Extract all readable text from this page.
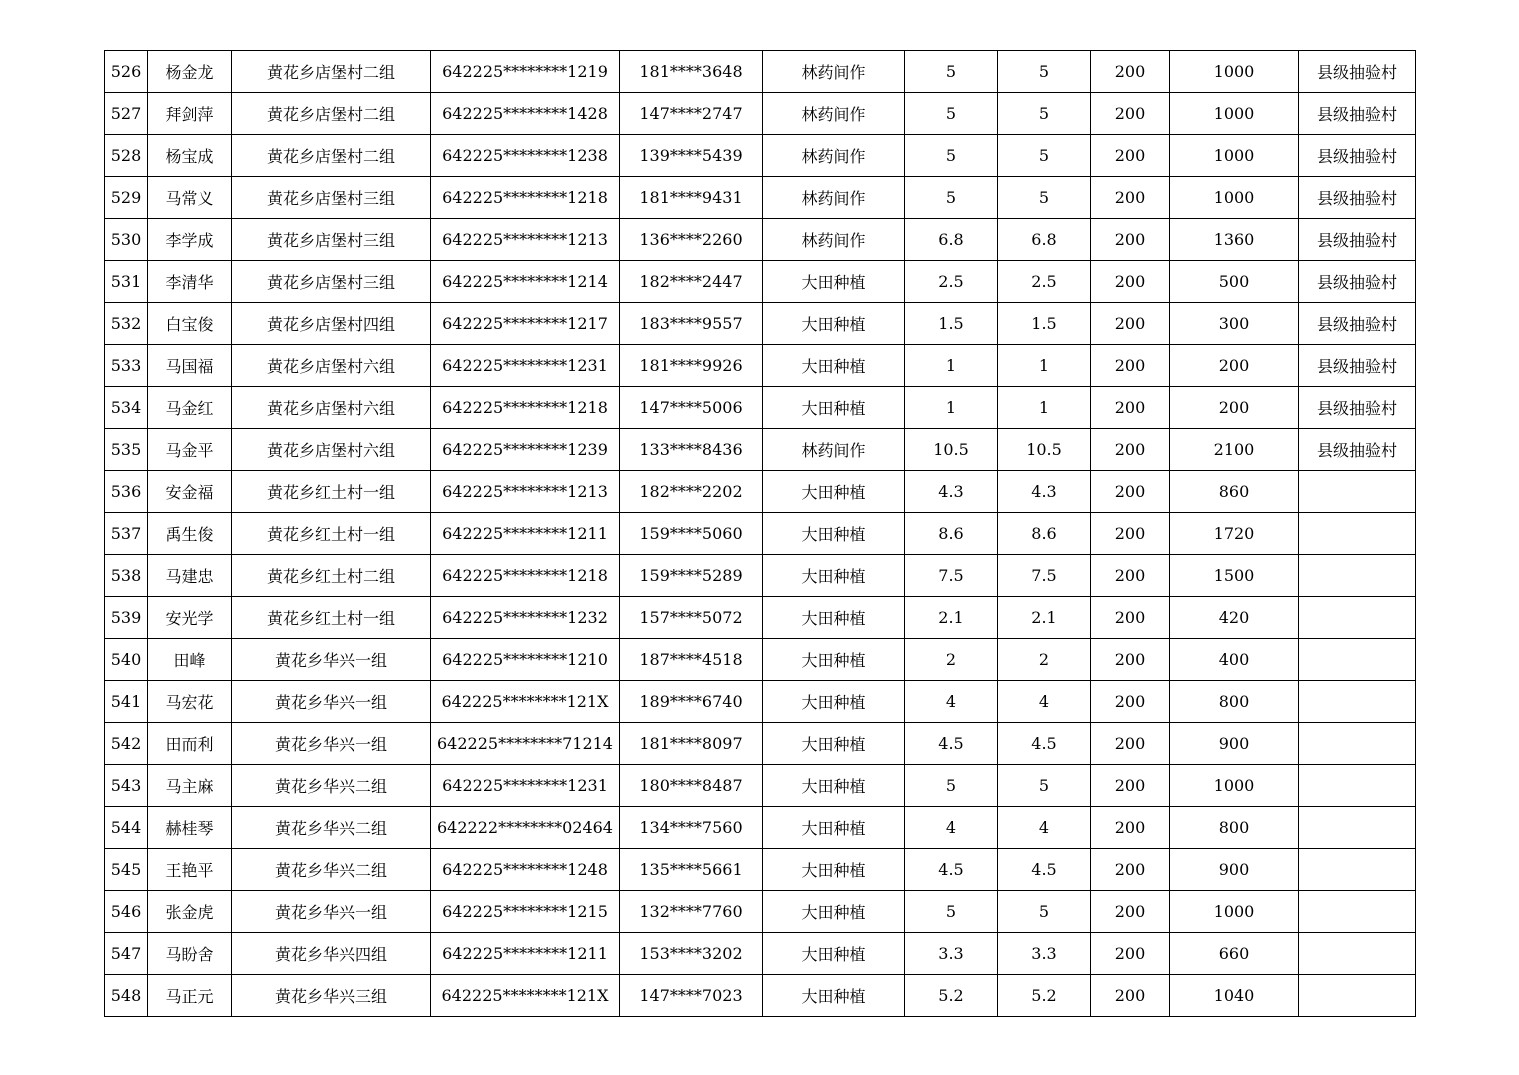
526	杨金龙	黄花乡店堡村二组	642225********1219	181****3648	林药间作	5	5	200	1000	县级抽验村
527	拜剑萍	黄花乡店堡村二组	642225********1428	147****2747	林药间作	5	5	200	1000	县级抽验村
528	杨宝成	黄花乡店堡村二组	642225********1238	139****5439	林药间作	5	5	200	1000	县级抽验村
529	马常义	黄花乡店堡村三组	642225********1218	181****9431	林药间作	5	5	200	1000	县级抽验村
530	李学成	黄花乡店堡村三组	642225********1213	136****2260	林药间作	6.8	6.8	200	1360	县级抽验村
531	李清华	黄花乡店堡村三组	642225********1214	182****2447	大田种植	2.5	2.5	200	500	县级抽验村
532	白宝俊	黄花乡店堡村四组	642225********1217	183****9557	大田种植	1.5	1.5	200	300	县级抽验村
533	马国福	黄花乡店堡村六组	642225********1231	181****9926	大田种植	1	1	200	200	县级抽验村
534	马金红	黄花乡店堡村六组	642225********1218	147****5006	大田种植	1	1	200	200	县级抽验村
535	马金平	黄花乡店堡村六组	642225********1239	133****8436	林药间作	10.5	10.5	200	2100	县级抽验村
536	安金福	黄花乡红土村一组	642225********1213	182****2202	大田种植	4.3	4.3	200	860	
537	禹生俊	黄花乡红土村一组	642225********1211	159****5060	大田种植	8.6	8.6	200	1720	
538	马建忠	黄花乡红土村二组	642225********1218	159****5289	大田种植	7.5	7.5	200	1500	
539	安光学	黄花乡红土村一组	642225********1232	157****5072	大田种植	2.1	2.1	200	420	
540	田峰	黄花乡华兴一组	642225********1210	187****4518	大田种植	2	2	200	400	
541	马宏花	黄花乡华兴一组	642225********121X	189****6740	大田种植	4	4	200	800	
542	田而利	黄花乡华兴一组	642225********71214	181****8097	大田种植	4.5	4.5	200	900	
543	马主麻	黄花乡华兴二组	642225********1231	180****8487	大田种植	5	5	200	1000	
544	赫桂琴	黄花乡华兴二组	642222********02464	134****7560	大田种植	4	4	200	800	
545	王艳平	黄花乡华兴二组	642225********1248	135****5661	大田种植	4.5	4.5	200	900	
546	张金虎	黄花乡华兴一组	642225********1215	132****7760	大田种植	5	5	200	1000	
547	马盼舍	黄花乡华兴四组	642225********1211	153****3202	大田种植	3.3	3.3	200	660	
548	马正元	黄花乡华兴三组	642225********121X	147****7023	大田种植	5.2	5.2	200	1040	
